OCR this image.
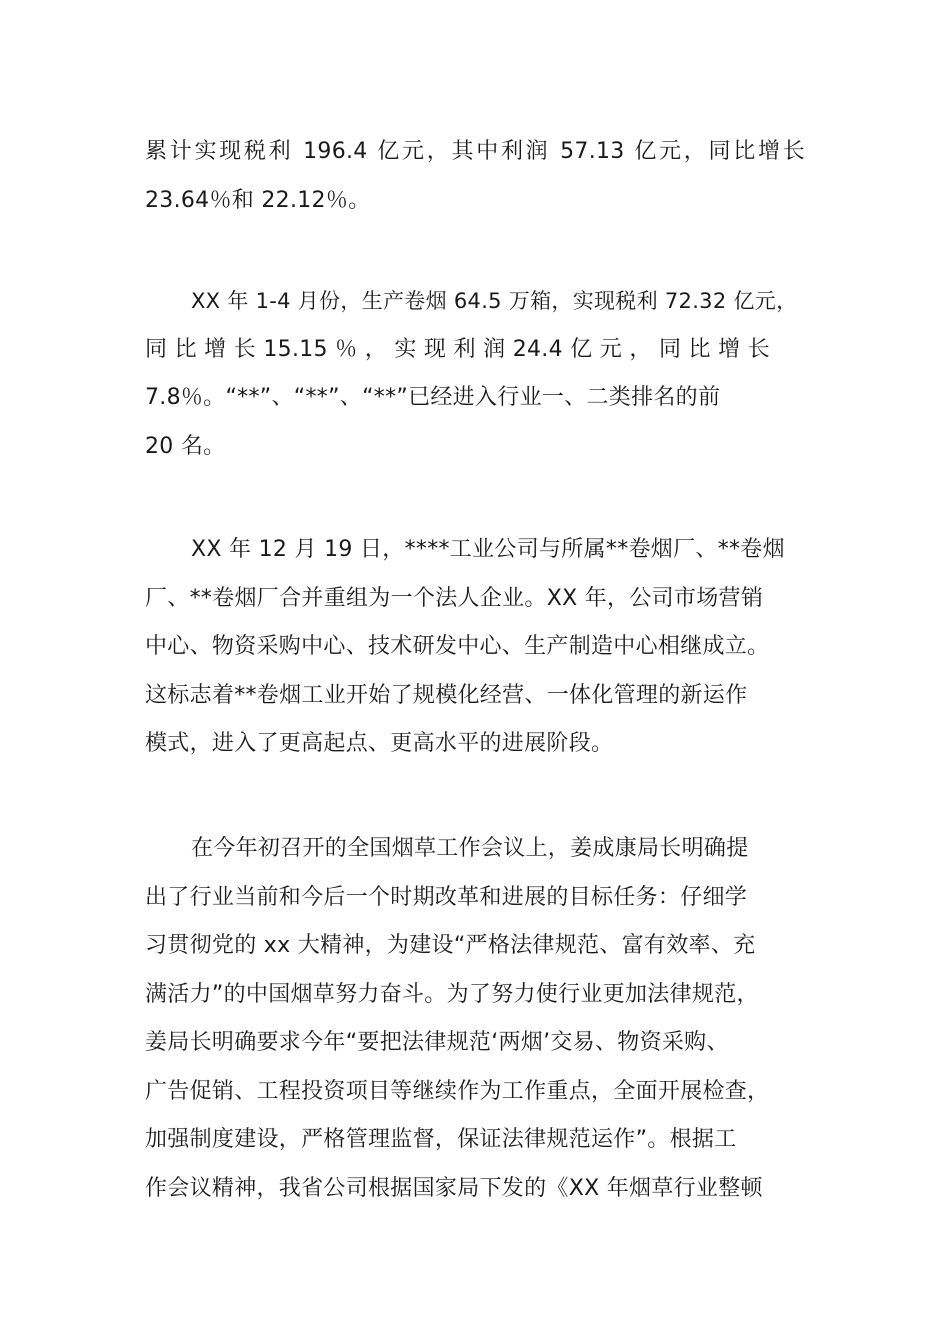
累计实现税利 196.4 亿元，其中利润 57.13 亿元，同比增长
23.64％和 22.12％。
XX 年 1-4 月份，生产卷烟 64.5 万箱，实现税利 72.32 亿元，
同 比 增 长 15.15 ％ ， 实 现 利 润 24.4 亿 元 ， 同 比 增 长
7.8％。“**”、“**”、“**”已经进入行业一、二类排名的前
20 名。
XX 年 12 月 19 日，****工业公司与所属**卷烟厂、**卷烟
厂、**卷烟厂合并重组为一个法人企业。XX 年，公司市场营销
中心、物资采购中心、技术研发中心、生产制造中心相继成立。
这标志着**卷烟工业开始了规模化经营、一体化管理的新运作
模式，进入了更高起点、更高水平的进展阶段。
在今年初召开的全国烟草工作会议上，姜成康局长明确提
出了行业当前和今后一个时期改革和进展的目标任务：仔细学
习贯彻党的 xx 大精神，为建设“严格法律规范、富有效率、充
满活力”的中国烟草努力奋斗。为了努力使行业更加法律规范，
姜局长明确要求今年“要把法律规范‘两烟’交易、物资采购、
广告促销、工程投资项目等继续作为工作重点，全面开展检查，
加强制度建设，严格管理监督，保证法律规范运作”。根据工
作会议精神，我省公司根据国家局下发的《XX 年烟草行业整顿
